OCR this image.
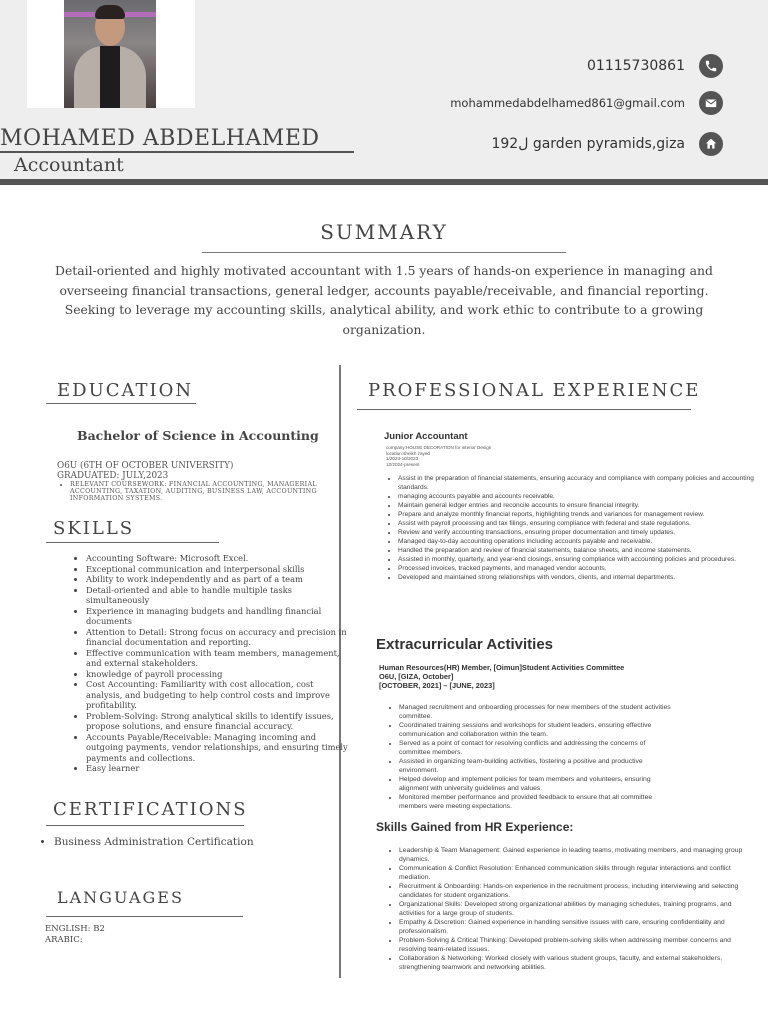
01115730861
mohammedabdelhamed861@gmail.com
192ل garden pyramids,giza
MOHAMED ABDELHAMED
Accountant
SUMMARY
Detail-oriented and highly motivated accountant with 1.5 years of hands-on experience in managing and overseeing financial transactions, general ledger, accounts payable/receivable, and financial reporting. Seeking to leverage my accounting skills, analytical ability, and work ethic to contribute to a growing organization.
EDUCATION
Bachelor of Science in Accounting
O6U (6TH OF OCTOBER UNIVERSITY)
GRADUATED: JULY,2023
• RELEVANT COURSEWORK: FINANCIAL ACCOUNTING, MANAGERIAL ACCOUNTING, TAXATION, AUDITING, BUSINESS LAW, ACCOUNTING INFORMATION SYSTEMS.
SKILLS
• Accounting Software: Microsoft Excel.
• Exceptional communication and interpersonal skills
• Ability to work independently and as part of a team
• Detail-oriented and able to handle multiple tasks simultaneously
• Experience in managing budgets and handling financial documents
• Attention to Detail: Strong focus on accuracy and precision in financial documentation and reporting.
• Effective communication with team members, management, and external stakeholders.
• knowledge of payroll processing
• Cost Accounting: Familiarity with cost allocation, cost analysis, and budgeting to help control costs and improve profitability.
• Problem-Solving: Strong analytical skills to identify issues, propose solutions, and ensure financial accuracy.
• Accounts Payable/Receivable: Managing incoming and outgoing payments, vendor relationships, and ensuring timely payments and collections.
• Easy learner
CERTIFICATIONS
• Business Administration Certification
LANGUAGES
ENGLISH: B2
ARABIC:
PROFESSIONAL EXPERIENCE
Junior Accountant
company:HOUSE DECORATION for interior Design
location:sheikh zayed
1/2023-10/2023
12/2024-present
• Assist in the preparation of financial statements, ensuring accuracy and compliance with company policies and accounting standards.
• managing accounts payable and accounts receivable.
• Maintain general ledger entries and reconcile accounts to ensure financial integrity.
• Prepare and analyze monthly financial reports, highlighting trends and variances for management review.
• Assist with payroll processing and tax filings, ensuring compliance with federal and state regulations.
• Review and verify accounting transactions, ensuring proper documentation and timely updates.
• Managed day-to-day accounting operations including accounts payable and receivable.
• Handled the preparation and review of financial statements, balance sheets, and income statements.
• Assisted in monthly, quarterly, and year-end closings, ensuring compliance with accounting policies and procedures.
• Processed invoices, tracked payments, and managed vendor accounts.
• Developed and maintained strong relationships with vendors, clients, and internal departments.
Extracurricular Activities
Human Resources(HR) Member, [Oimun]Student Activities Committee
O6U, [GIZA, October]
[OCTOBER, 2021] – [JUNE, 2023]
• Managed recruitment and onboarding processes for new members of the student activities committee.
• Coordinated training sessions and workshops for student leaders, ensuring effective communication and collaboration within the team.
• Served as a point of contact for resolving conflicts and addressing the concerns of committee members.
• Assisted in organizing team-building activities, fostering a positive and productive environment.
• Helped develop and implement policies for team members and volunteers, ensuring alignment with university guidelines and values.
• Monitored member performance and provided feedback to ensure that all committee members were meeting expectations.
Skills Gained from HR Experience:
• Leadership & Team Management: Gained experience in leading teams, motivating members, and managing group dynamics.
• Communication & Conflict Resolution: Enhanced communication skills through regular interactions and conflict mediation.
• Recruitment & Onboarding: Hands-on experience in the recruitment process, including interviewing and selecting candidates for student organizations.
• Organizational Skills: Developed strong organizational abilities by managing schedules, training programs, and activities for a large group of students.
• Empathy & Discretion: Gained experience in handling sensitive issues with care, ensuring confidentiality and professionalism.
• Problem-Solving & Critical Thinking: Developed problem-solving skills when addressing member concerns and resolving team-related issues.
• Collaboration & Networking: Worked closely with various student groups, faculty, and external stakeholders, strengthening teamwork and networking abilities.
